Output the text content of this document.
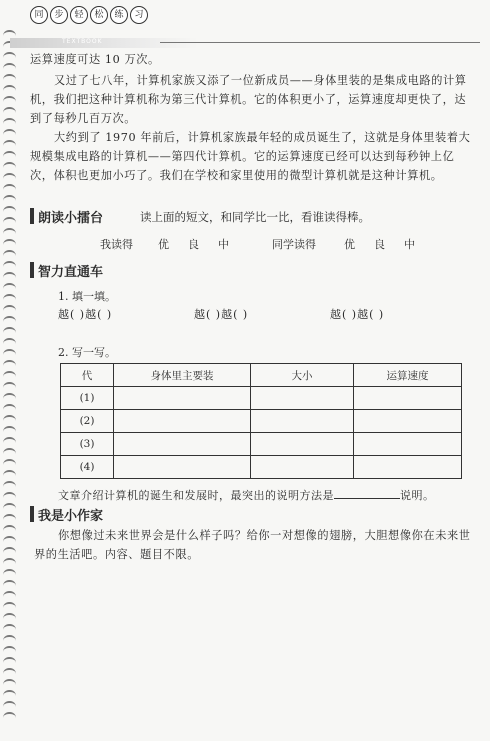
TEXTBOOK
同	步	轻	松	练	习

运算速度可达 10 万次。

又过了七八年，计算机家族又添了一位新成员——身体里装的是集成电路的计算机，我们把这种计算机称为第三代计算机。它的体积更小了，运算速度却更快了，达到了每秒几百万次。

大约到了 1970 年前后，计算机家族最年轻的成员诞生了，这就是身体里装着大规模集成电路的计算机——第四代计算机。它的运算速度已经可以达到每秒钟上亿次，体积也更加小巧了。我们在学校和家里使用的微型计算机就是这种计算机。

朗读小擂台	读上面的短文，和同学比一比，看谁读得棒。
我读得 优 良 中	同学读得	优 良 中
智力直通车
1. 填一填。
越( )越( )	越( )越( )	越( )越( )
2. 写一写。
代	身体里主要装	大小	运算速度
(1)			
(2)			
(3)			
(4)			
文章介绍计算机的诞生和发展时，最突出的说明方法是	说明。
我是小作家

你想像过未来世界会是什么样子吗？给你一对想像的翅膀，大胆想像你在未来世界的生活吧。内容、题目不限。
